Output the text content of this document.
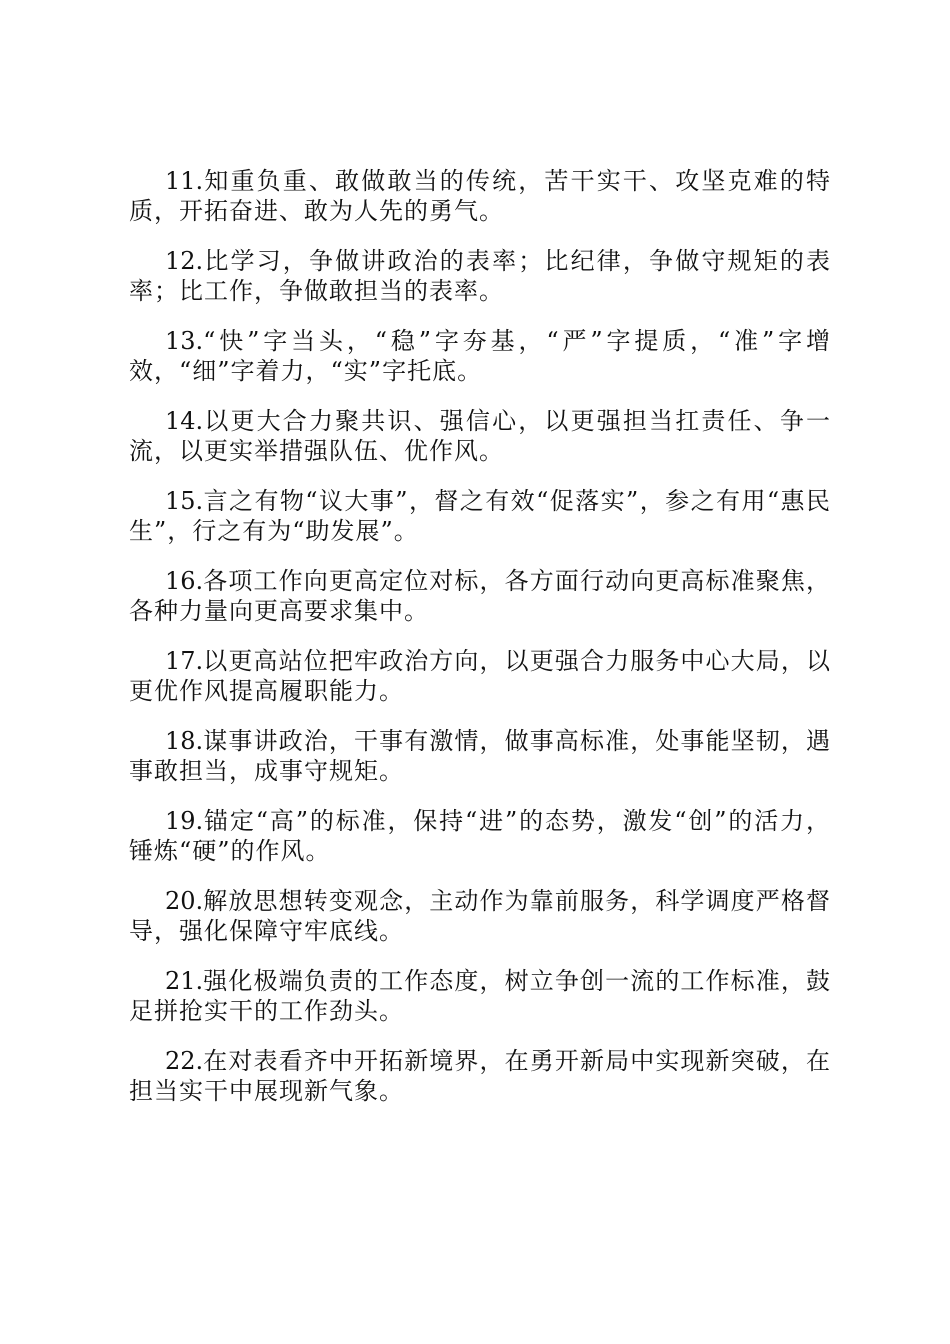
11.知重负重、敢做敢当的传统，苦干实干、攻坚克难的特质，开拓奋进、敢为人先的勇气。

12.比学习，争做讲政治的表率；比纪律，争做守规矩的表率；比工作，争做敢担当的表率。

13.“快”字当头，“稳”字夯基，“严”字提质，“准”字增效，“细”字着力，“实”字托底。

14.以更大合力聚共识、强信心，以更强担当扛责任、争一流，以更实举措强队伍、优作风。

15.言之有物“议大事”，督之有效“促落实”，参之有用“惠民生”，行之有为“助发展”。

16.各项工作向更高定位对标，各方面行动向更高标准聚焦，各种力量向更高要求集中。

17.以更高站位把牢政治方向，以更强合力服务中心大局，以更优作风提高履职能力。

18.谋事讲政治，干事有激情，做事高标准，处事能坚韧，遇事敢担当，成事守规矩。

19.锚定“高”的标准，保持“进”的态势，激发“创”的活力，锤炼“硬”的作风。

20.解放思想转变观念，主动作为靠前服务，科学调度严格督导，强化保障守牢底线。

21.强化极端负责的工作态度，树立争创一流的工作标准，鼓足拼抢实干的工作劲头。

22.在对表看齐中开拓新境界，在勇开新局中实现新突破，在担当实干中展现新气象。
